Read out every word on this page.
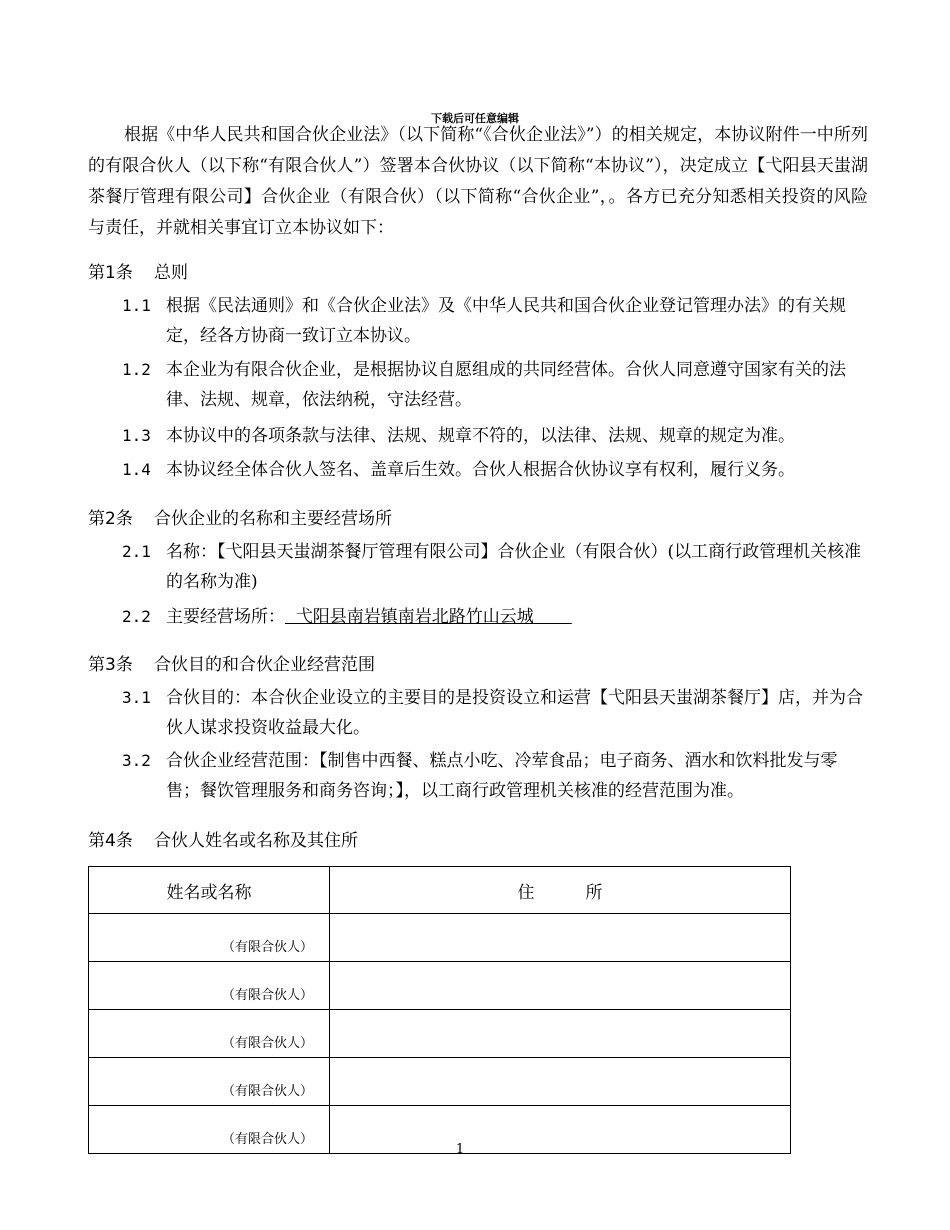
下载后可任意编辑
根据《中华人民共和国合伙企业法》（以下简称“《合伙企业法》”）的相关规定，本协议附件一中所列的有限合伙人（以下称“有限合伙人”）签署本合伙协议（以下简称“本协议”），决定成立【弋阳县天蚩湖茶餐厅管理有限公司】合伙企业（有限合伙）（以下简称“合伙企业”，。各方已充分知悉相关投资的风险与责任，并就相关事宜订立本协议如下：
第1条 总则
1.1 根据《民法通则》和《合伙企业法》及《中华人民共和国合伙企业登记管理办法》的有关规定，经各方协商一致订立本协议。
1.2 本企业为有限合伙企业，是根据协议自愿组成的共同经营体。合伙人同意遵守国家有关的法律、法规、规章，依法纳税，守法经营。
1.3 本协议中的各项条款与法律、法规、规章不符的，以法律、法规、规章的规定为准。
1.4 本协议经全体合伙人签名、盖章后生效。合伙人根据合伙协议享有权利，履行义务。
第2条 合伙企业的名称和主要经营场所
2.1 名称：【弋阳县天蚩湖茶餐厅管理有限公司】合伙企业（有限合伙）(以工商行政管理机关核准的名称为准)
2.2 主要经营场所： 弋阳县南岩镇南岩北路竹山云城
第3条 合伙目的和合伙企业经营范围
3.1 合伙目的：本合伙企业设立的主要目的是投资设立和运营【弋阳县天蚩湖茶餐厅】店，并为合伙人谋求投资收益最大化。
3.2 合伙企业经营范围：【制售中西餐、糕点小吃、冷荤食品；电子商务、酒水和饮料批发与零售；餐饮管理服务和商务咨询；】，以工商行政管理机关核准的经营范围为准。
第4条 合伙人姓名或名称及其住所
姓名或名称	住　　　所
（有限合伙人）	
（有限合伙人）	
（有限合伙人）	
（有限合伙人）	
（有限合伙人）	
1
